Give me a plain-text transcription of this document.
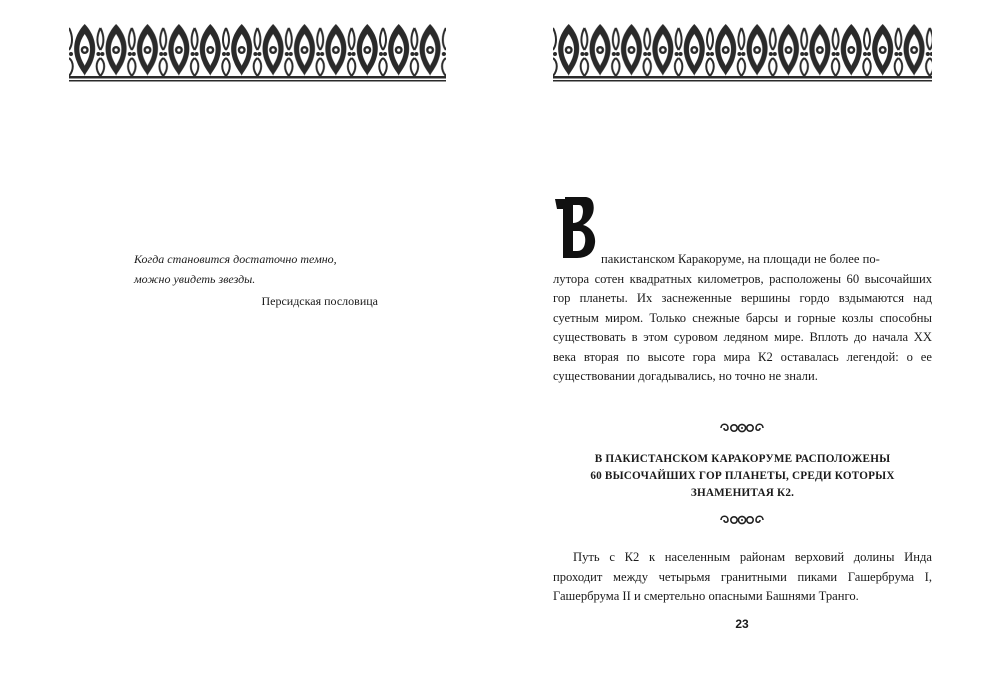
Когда становится достаточно темно,
можно увидеть звезды.
Персидская пословица
пакистанском Каракоруме, на площади не более по-
лутора сотен квадратных километров, расположены 60 высочайших гор планеты. Их заснеженные вершины гордо вздымаются над суетным миром. Только снежные барсы и горные козлы способны существовать в этом суровом ледяном мире. Вплоть до начала XX века вторая по высоте гора мира К2 оставалась легендой: о ее существовании догадывались, но точно не знали.
В ПАКИСТАНСКОМ КАРАКОРУМЕ РАСПОЛОЖЕНЫ
60 ВЫСОЧАЙШИХ ГОР ПЛАНЕТЫ, СРЕДИ КОТОРЫХ
ЗНАМЕНИТАЯ К2.
Путь с К2 к населенным районам верховий долины Инда проходит между четырьмя гранитными пиками Гашербрума I, Гашербрума II и смертельно опасными Башнями Транго.
23
